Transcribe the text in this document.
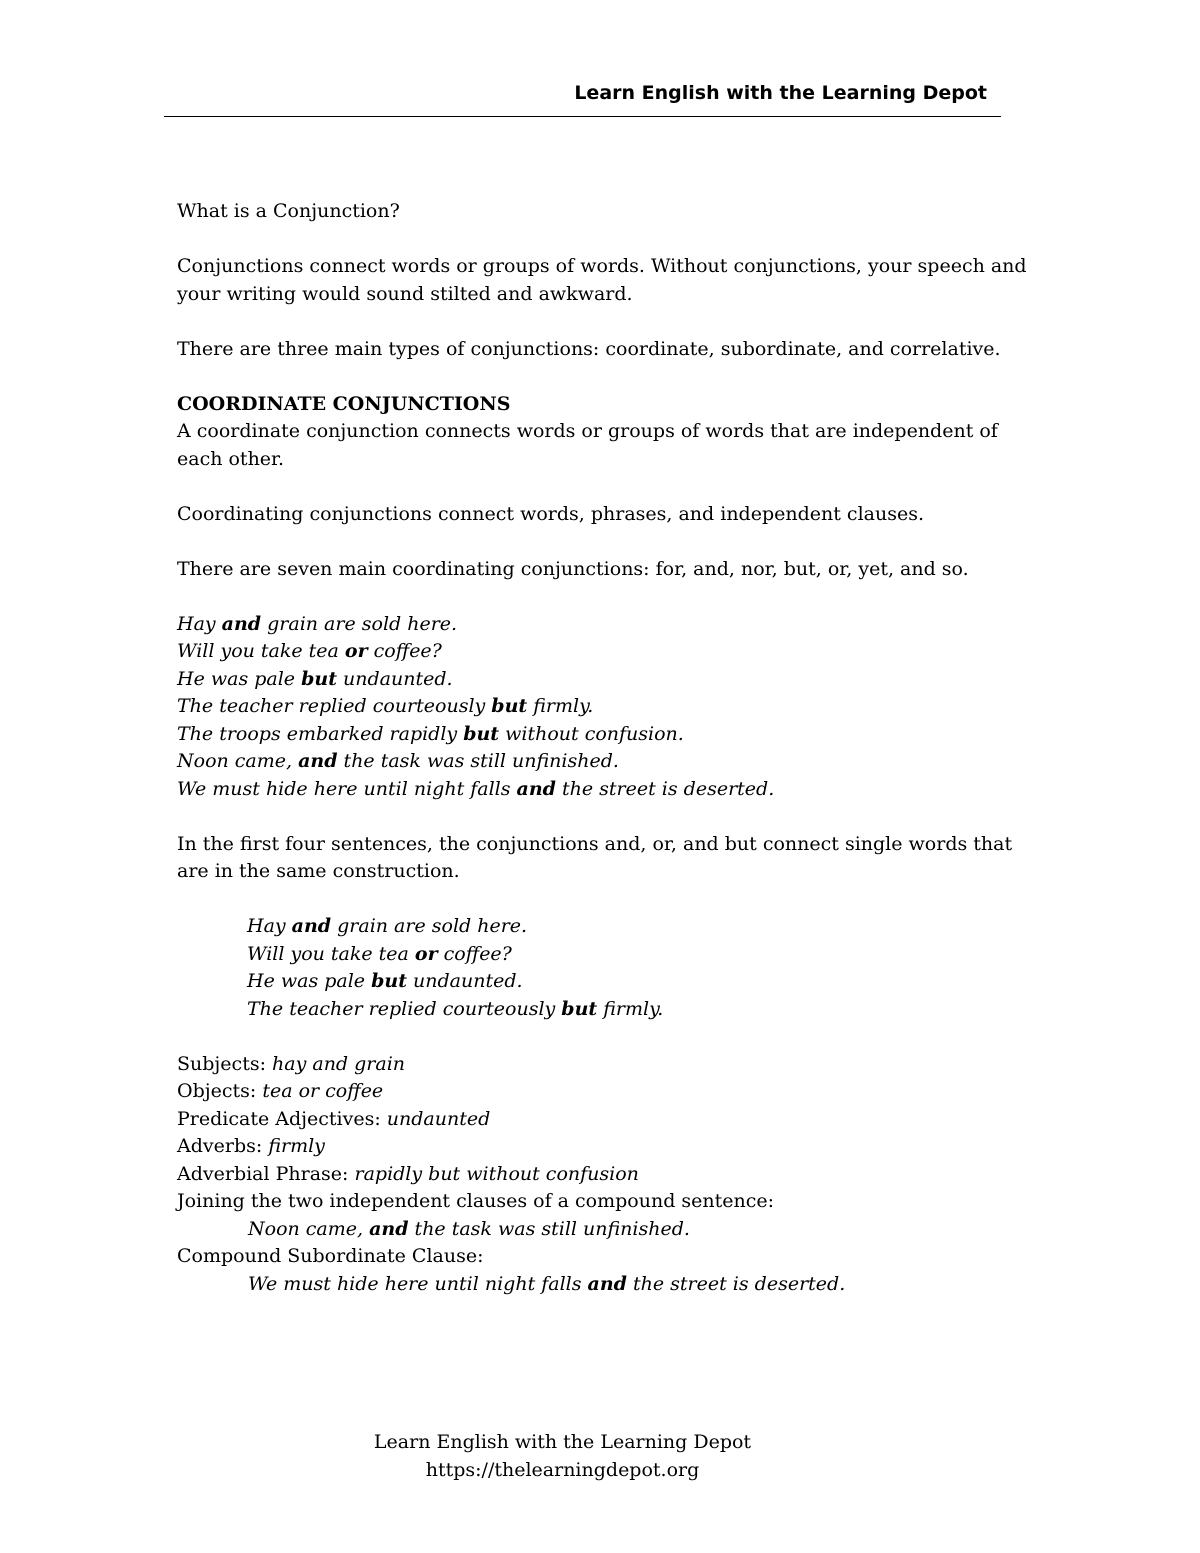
Learn English with the Learning Depot

What is a Conjunction?

Conjunctions connect words or groups of words. Without conjunctions, your speech and your writing would sound stilted and awkward.

There are three main types of conjunctions: coordinate, subordinate, and correlative.

COORDINATE CONJUNCTIONS
A coordinate conjunction connects words or groups of words that are independent of each other.

Coordinating conjunctions connect words, phrases, and independent clauses.

There are seven main coordinating conjunctions: for, and, nor, but, or, yet, and so.

Hay and grain are sold here.
Will you take tea or coffee?
He was pale but undaunted.
The teacher replied courteously but firmly.
The troops embarked rapidly but without confusion.
Noon came, and the task was still unfinished.
We must hide here until night falls and the street is deserted.

In the first four sentences, the conjunctions and, or, and but connect single words that are in the same construction.

Hay and grain are sold here.
Will you take tea or coffee?
He was pale but undaunted.
The teacher replied courteously but firmly.
Subjects: hay and grain
Objects: tea or coffee
Predicate Adjectives: undaunted
Adverbs: firmly
Adverbial Phrase: rapidly but without confusion
Joining the two independent clauses of a compound sentence:
Noon came, and the task was still unfinished.
Compound Subordinate Clause:
We must hide here until night falls and the street is deserted.
Learn English with the Learning Depot
https://thelearningdepot.org
